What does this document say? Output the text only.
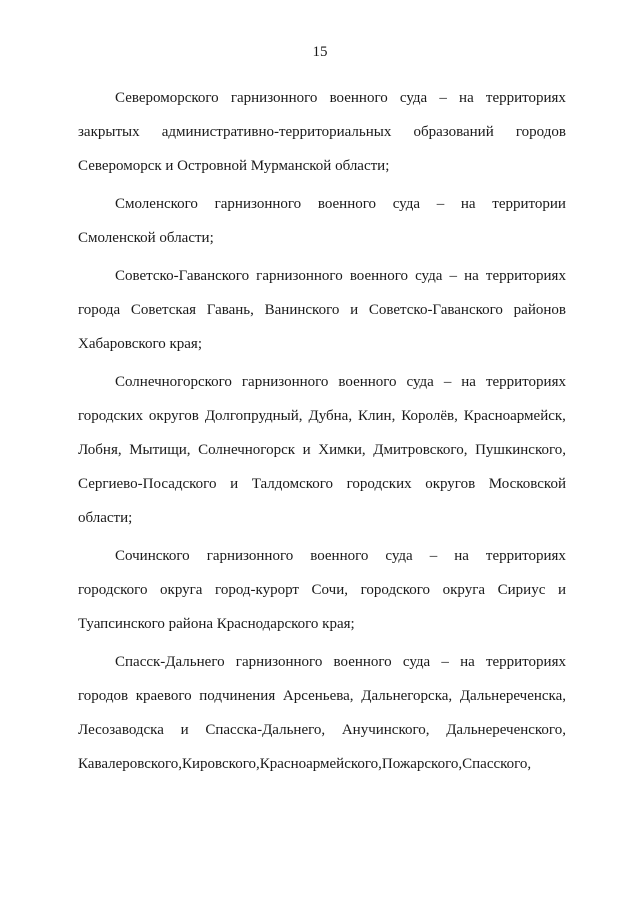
15
Североморского гарнизонного военного суда – на территориях
закрытых административно-территориальных образований городов
Североморск и Островной Мурманской области;
Смоленского гарнизонного военного суда – на территории
Смоленской области;
Советско-Гаванского гарнизонного военного суда – на территориях
города Советская Гавань, Ванинского и Советско-Гаванского районов
Хабаровского края;
Солнечногорского гарнизонного военного суда – на территориях
городских округов Долгопрудный, Дубна, Клин, Королёв, Красноармейск,
Лобня, Мытищи, Солнечногорск и Химки, Дмитровского, Пушкинского,
Сергиево-Посадского и Талдомского городских округов Московской
области;
Сочинского гарнизонного военного суда – на территориях
городского округа город-курорт Сочи, городского округа Сириус и
Туапсинского района Краснодарского края;
Спасск-Дальнего гарнизонного военного суда – на территориях
городов краевого подчинения Арсеньева, Дальнегорска, Дальнереченска,
Лесозаводска и Спасска-Дальнего, Анучинского, Дальнереченского,
Кавалеровского, Кировского, Красноармейского, Пожарского, Спасского,
